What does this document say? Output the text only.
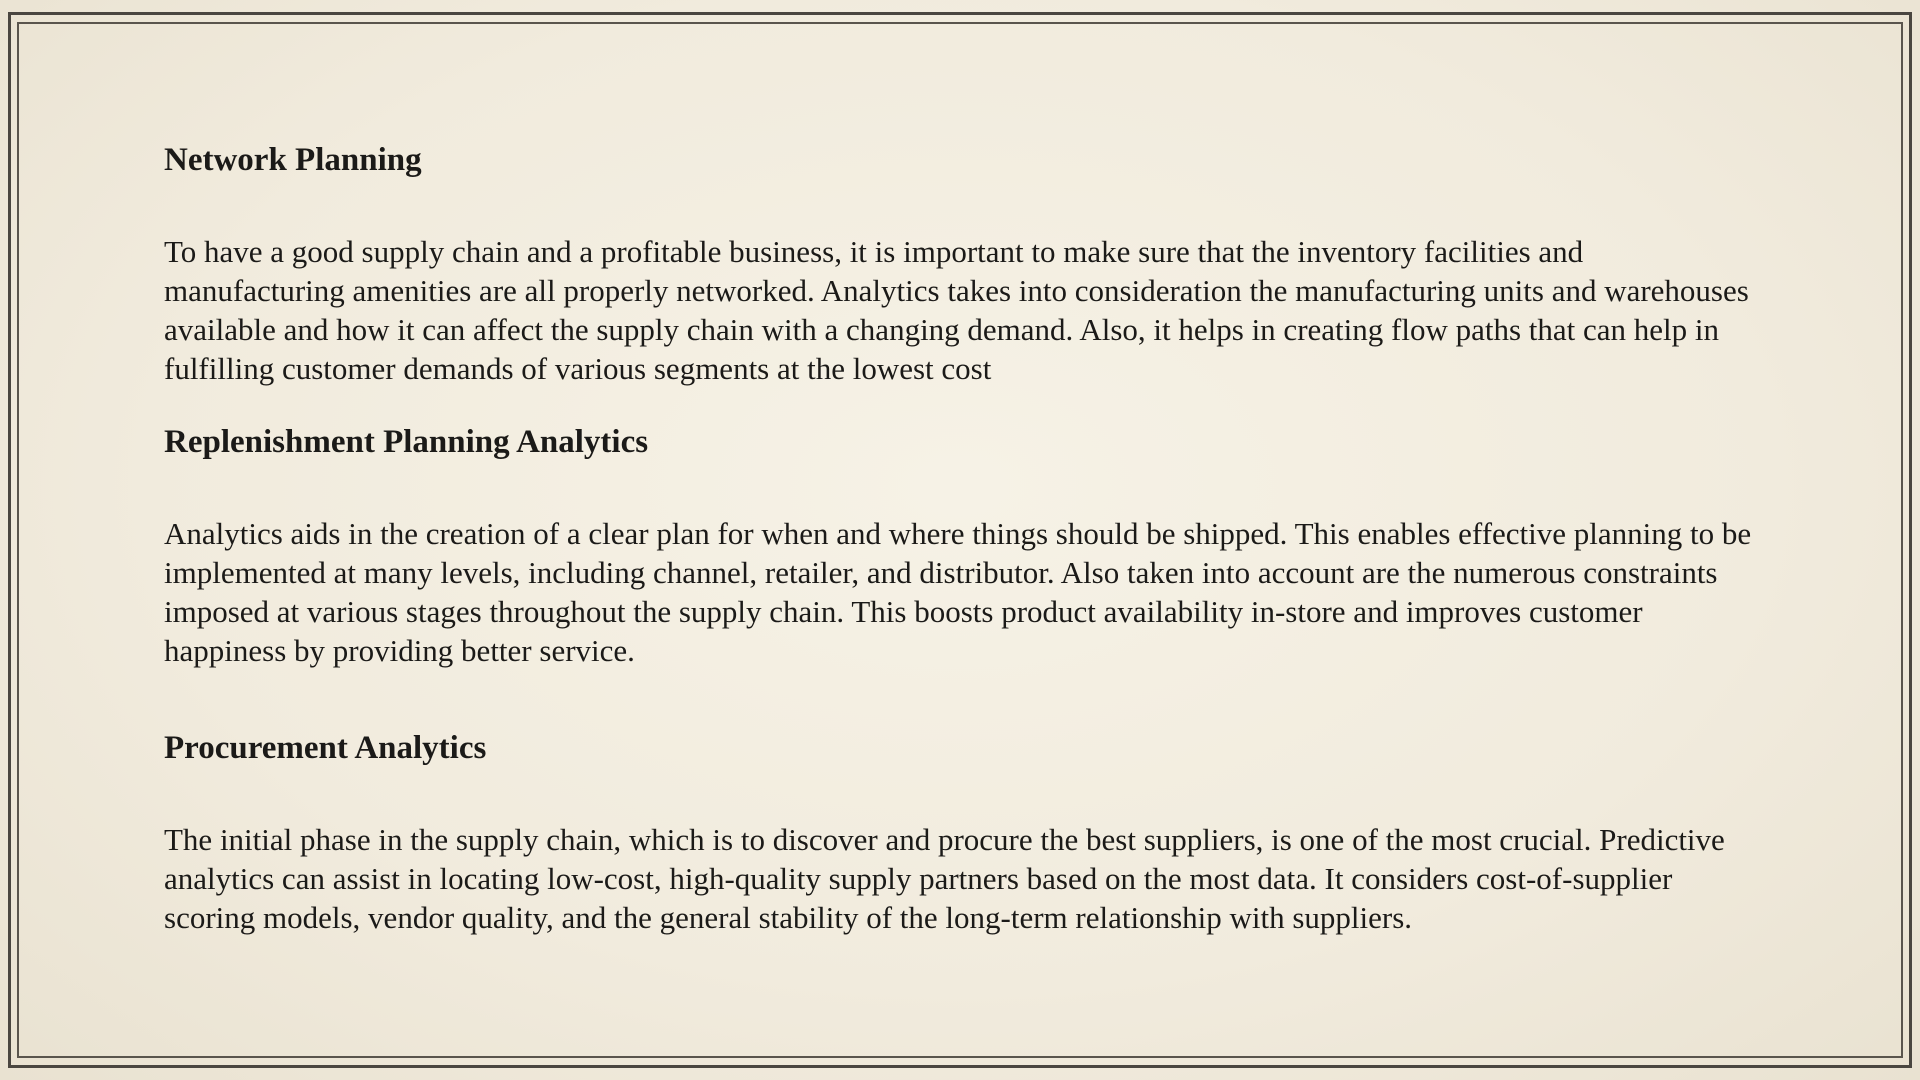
Network Planning

To have a good supply chain and a profitable business, it is important to make sure that the inventory facilities and manufacturing amenities are all properly networked. Analytics takes into consideration the manufacturing units and warehouses available and how it can affect the supply chain with a changing demand. Also, it helps in creating flow paths that can help in fulfilling customer demands of various segments at the lowest cost

Replenishment Planning Analytics

Analytics aids in the creation of a clear plan for when and where things should be shipped. This enables effective planning to be implemented at many levels, including channel, retailer, and distributor. Also taken into account are the numerous constraints imposed at various stages throughout the supply chain. This boosts product availability in-store and improves customer happiness by providing better service.

Procurement Analytics

The initial phase in the supply chain, which is to discover and procure the best suppliers, is one of the most crucial. Predictive analytics can assist in locating low-cost, high-quality supply partners based on the most data. It considers cost-of-supplier scoring models, vendor quality, and the general stability of the long-term relationship with suppliers.
